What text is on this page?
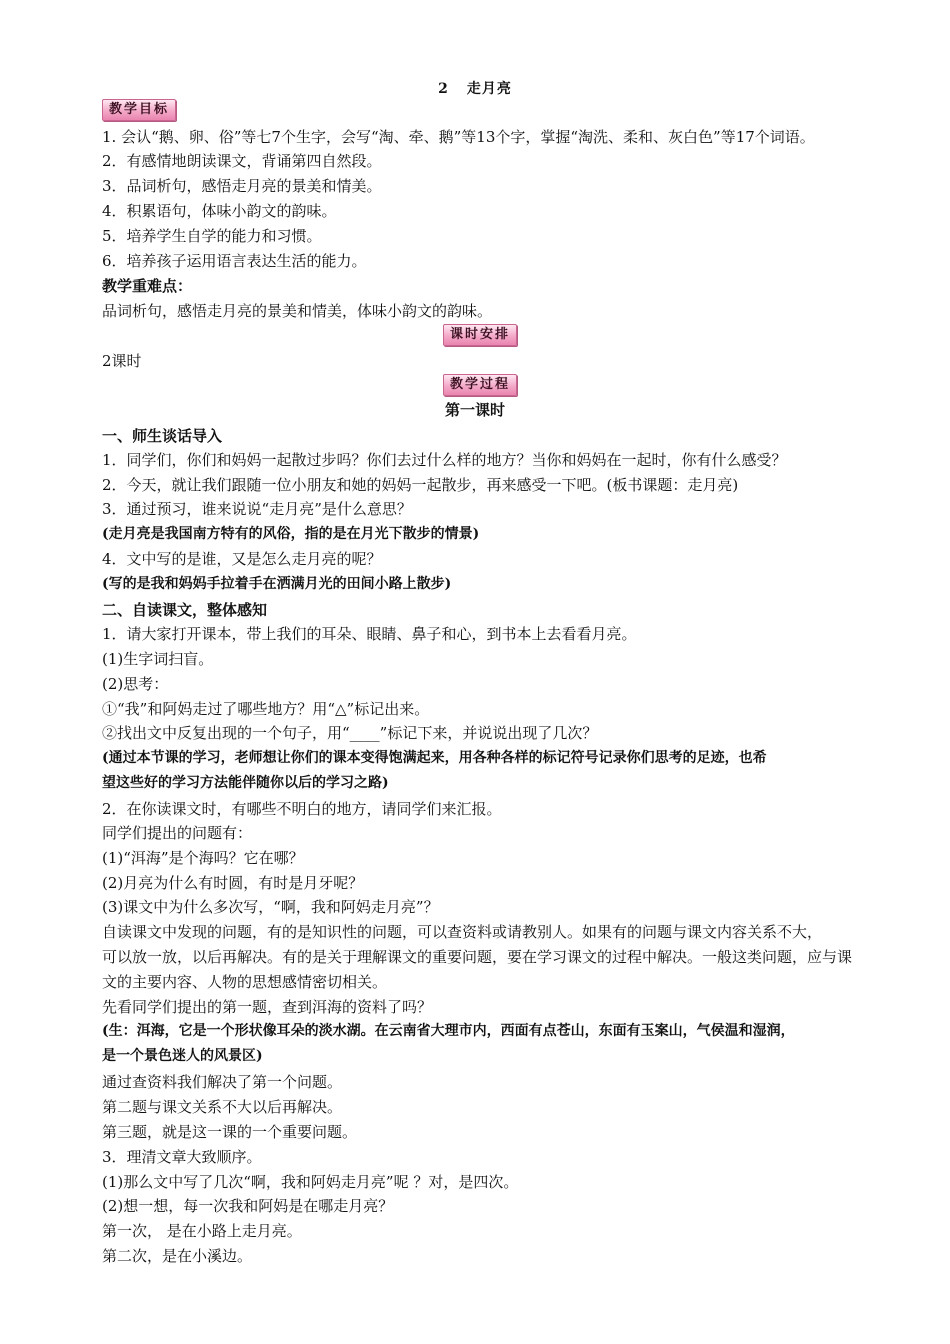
2 走月亮
教学目标
1. 会认“鹅、卵、俗”等七7个生字，会写“淘、牵、鹅”等13个字，掌握“淘洗、柔和、灰白色”等17个词语。
2．有感情地朗读课文，背诵第四自然段。
3．品词析句，感悟走月亮的景美和情美。
4．积累语句，体味小韵文的韵味。
5．培养学生自学的能力和习惯。
6．培养孩子运用语言表达生活的能力。
教学重难点：
品词析句，感悟走月亮的景美和情美，体味小韵文的韵味。
课时安排
2课时
教学过程
第一课时
一、师生谈话导入
1．同学们，你们和妈妈一起散过步吗？你们去过什么样的地方？当你和妈妈在一起时，你有什么感受？
2．今天，就让我们跟随一位小朋友和她的妈妈一起散步，再来感受一下吧。(板书课题：走月亮)
3．通过预习，谁来说说“走月亮”是什么意思？
(走月亮是我国南方特有的风俗，指的是在月光下散步的情景)
4．文中写的是谁，又是怎么走月亮的呢？
(写的是我和妈妈手拉着手在洒满月光的田间小路上散步)
二、自读课文，整体感知
1．请大家打开课本，带上我们的耳朵、眼睛、鼻子和心，到书本上去看看月亮。
(1)生字词扫盲。
(2)思考：
①“我”和阿妈走过了哪些地方？用“△”标记出来。
②找出文中反复出现的一个句子，用“____”标记下来，并说说出现了几次？
(通过本节课的学习，老师想让你们的课本变得饱满起来，用各种各样的标记符号记录你们思考的足迹，也希
望这些好的学习方法能伴随你以后的学习之路)
2．在你读课文时，有哪些不明白的地方，请同学们来汇报。
同学们提出的问题有：
(1)“洱海”是个海吗？它在哪？
(2)月亮为什么有时圆，有时是月牙呢？
(3)课文中为什么多次写，“啊，我和阿妈走月亮”？
自读课文中发现的问题，有的是知识性的问题，可以查资料或请教别人。如果有的问题与课文内容关系不大，
可以放一放，以后再解决。有的是关于理解课文的重要问题，要在学习课文的过程中解决。一般这类问题，应与课
文的主要内容、人物的思想感情密切相关。
先看同学们提出的第一题，查到洱海的资料了吗？
(生：洱海，它是一个形状像耳朵的淡水湖。在云南省大理市内，西面有点苍山，东面有玉案山，气侯温和湿润，
是一个景色迷人的风景区)
通过查资料我们解决了第一个问题。
第二题与课文关系不大以后再解决。
第三题，就是这一课的一个重要问题。
3．理清文章大致顺序。
(1)那么文中写了几次“啊，我和阿妈走月亮”呢 ？对，是四次。
(2)想一想，每一次我和阿妈是在哪走月亮？
第一次， 是在小路上走月亮。
第二次，是在小溪边。
